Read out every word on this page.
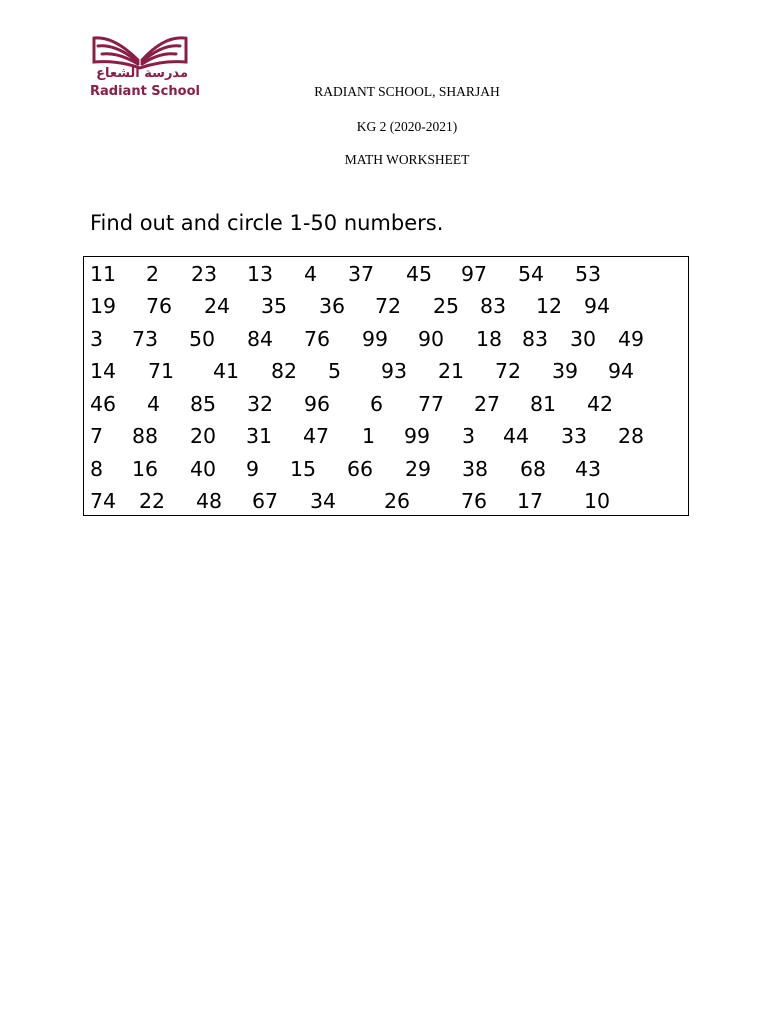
مدرسة الشعاع
Radiant School	RADIANT SCHOOL, SHARJAH
KG 2 (2020-2021)
MATH WORKSHEET
Find out and circle 1-50 numbers.
11 2 23 13 4 37 45 97 54 53
19 76 24 35 36 72 25 83 12 94
3 73 50 84 76 99 90 18 83 30 49
14 71 41 82 5 93 21 72 39 94
46 4 85 32 96 6 77 27 81 42
7 88 20 31 47 1 99 3 44 33 28
8 16 40 9 15 66 29 38 68 43
74 22 48 67 34 26 76 17 10
